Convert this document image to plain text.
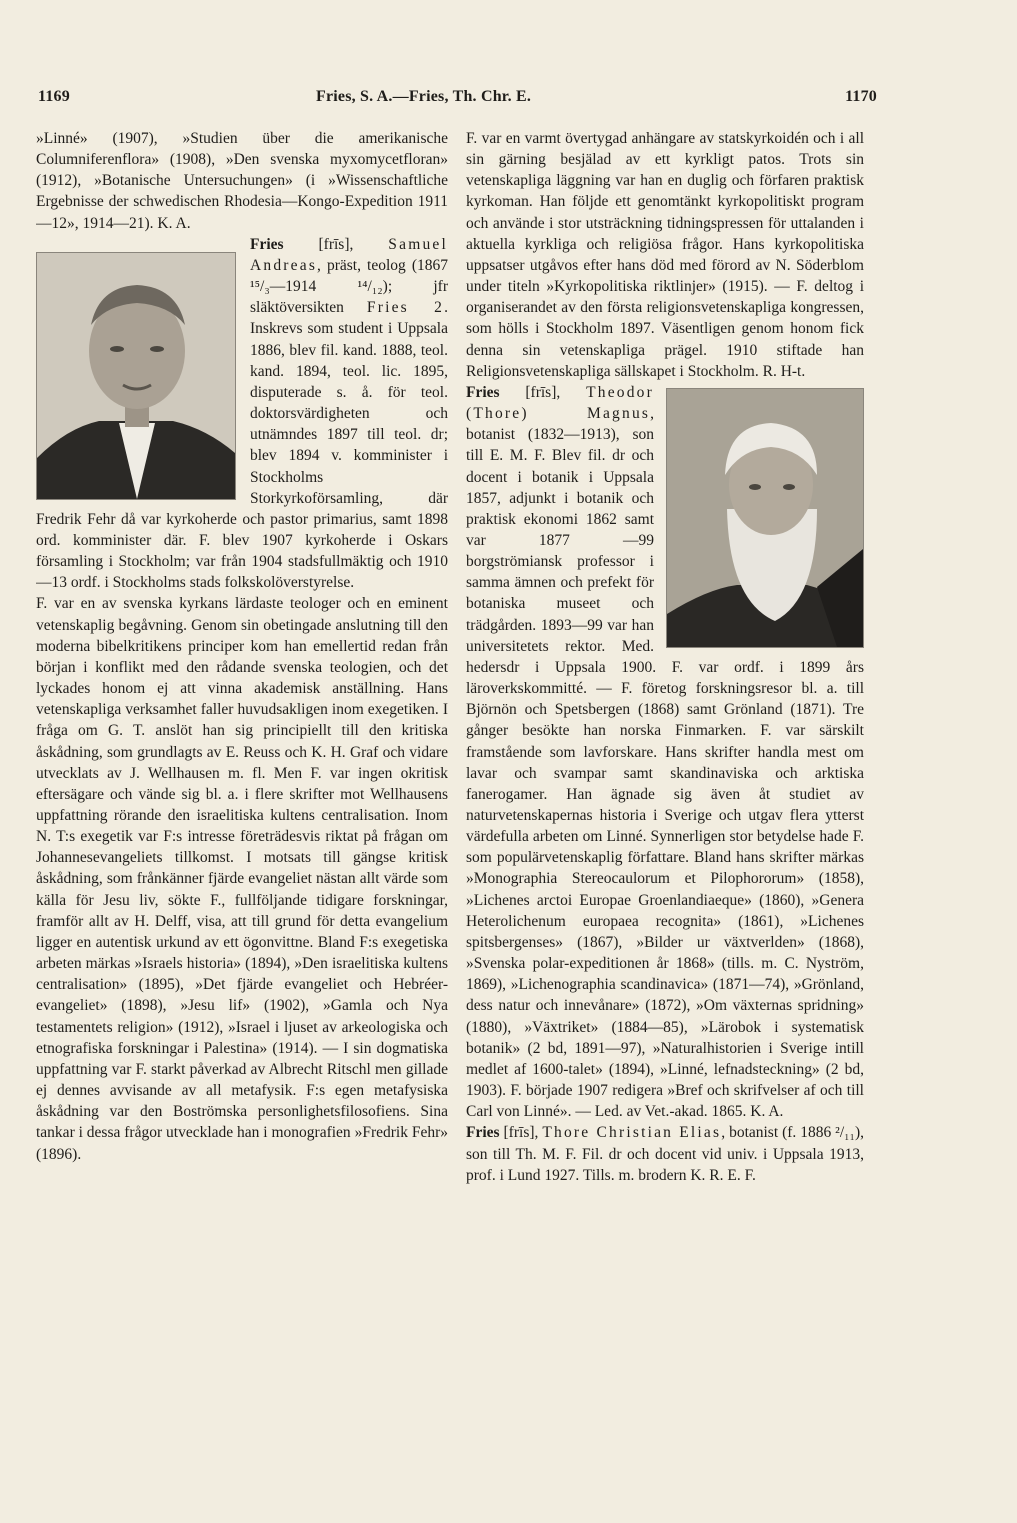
1169	Fries, S. A.—Fries, Th. Chr. E.	1170

»Linné» (1907), »Studien über die amerikanische Columniferenflora» (1908), »Den svenska myxomycetfloran» (1912), »Botanische Untersuchungen» (i »Wissenschaftliche Ergebnisse der schwedischen Rhodesia—Kongo-Expedition 1911—12», 1914—21). K. A.

Fries [frīs], Samuel Andreas, präst, teolog (1867 ¹⁵/₃—1914 ¹⁴/₁₂); jfr släktöversikten Fries 2. Inskrevs som student i Uppsala 1886, blev fil. kand. 1888, teol. kand. 1894, teol. lic. 1895, disputerade s. å. för teol. doktorsvärdigheten och utnämndes 1897 till teol. dr; blev 1894 v. komminister i Stockholms Storkyrkoförsamling, där Fredrik Fehr då var kyrkoherde och pastor primarius, samt 1898 ord. komminister där. F. blev 1907 kyrkoherde i Oskars församling i Stockholm; var från 1904 stadsfullmäktig och 1910—13 ordf. i Stockholms stads folkskolöverstyrelse.

F. var en av svenska kyrkans lärdaste teologer och en eminent vetenskaplig begåvning. Genom sin obetingade anslutning till den moderna bibelkritikens principer kom han emellertid redan från början i konflikt med den rådande svenska teologien, och det lyckades honom ej att vinna akademisk anställning. Hans vetenskapliga verksamhet faller huvudsakligen inom exegetiken. I fråga om G. T. anslöt han sig principiellt till den kritiska åskådning, som grundlagts av E. Reuss och K. H. Graf och vidare utvecklats av J. Wellhausen m. fl. Men F. var ingen okritisk eftersägare och vände sig bl. a. i flere skrifter mot Wellhausens uppfattning rörande den israelitiska kultens centralisation. Inom N. T:s exegetik var F:s intresse företrädesvis riktat på frågan om Johannesevangeliets tillkomst. I motsats till gängse kritisk åskådning, som frånkänner fjärde evangeliet nästan allt värde som källa för Jesu liv, sökte F., fullföljande tidigare forskningar, framför allt av H. Delff, visa, att till grund för detta evangelium ligger en autentisk urkund av ett ögonvittne. Bland F:s exegetiska arbeten märkas »Israels historia» (1894), »Den israelitiska kultens centralisation» (1895), »Det fjärde evangeliet och Hebréer-evangeliet» (1898), »Jesu lif» (1902), »Gamla och Nya testamentets religion» (1912), »Israel i ljuset av arkeologiska och etnografiska forskningar i Palestina» (1914). — I sin dogmatiska uppfattning var F. starkt påverkad av Albrecht Ritschl men gillade ej dennes avvisande av all metafysik. F:s egen metafysiska åskådning var den Boströmska personlighetsfilosofiens. Sina tankar i dessa frågor utvecklade han i monografien »Fredrik Fehr» (1896).

F. var en varmt övertygad anhängare av statskyrkoidén och i all sin gärning besjälad av ett kyrkligt patos. Trots sin vetenskapliga läggning var han en duglig och förfaren praktisk kyrkoman. Han följde ett genomtänkt kyrkopolitiskt program och använde i stor utsträckning tidningspressen för uttalanden i aktuella kyrkliga och religiösa frågor. Hans kyrkopolitiska uppsatser utgåvos efter hans död med förord av N. Söderblom under titeln »Kyrkopolitiska riktlinjer» (1915). — F. deltog i organiserandet av den första religionsvetenskapliga kongressen, som hölls i Stockholm 1897. Väsentligen genom honom fick denna sin vetenskapliga prägel. 1910 stiftade han Religionsvetenskapliga sällskapet i Stockholm. R. H-t.

Fries [frīs], Theodor (Thore) Magnus, botanist (1832—1913), son till E. M. F. Blev fil. dr och docent i botanik i Uppsala 1857, adjunkt i botanik och praktisk ekonomi 1862 samt var 1877 —99 borgströmiansk professor i samma ämnen och prefekt för botaniska museet och trädgården. 1893—99 var han universitetets rektor. Med. hedersdr i Uppsala 1900. F. var ordf. i 1899 års läroverkskommitté. — F. företog forskningsresor bl. a. till Björnön och Spetsbergen (1868) samt Grönland (1871). Tre gånger besökte han norska Finmarken. F. var särskilt framstående som lavforskare. Hans skrifter handla mest om lavar och svampar samt skandinaviska och arktiska fanerogamer. Han ägnade sig även åt studiet av naturvetenskapernas historia i Sverige och utgav flera ytterst värdefulla arbeten om Linné. Synnerligen stor betydelse hade F. som populärvetenskaplig författare. Bland hans skrifter märkas »Monographia Stereocaulorum et Pilophororum» (1858), »Lichenes arctoi Europae Groenlandiaeque» (1860), »Genera Heterolichenum europaea recognita» (1861), »Lichenes spitsbergenses» (1867), »Bilder ur växtverlden» (1868), »Svenska polar-expeditionen år 1868» (tills. m. C. Nyström, 1869), »Lichenographia scandinavica» (1871—74), »Grönland, dess natur och innevånare» (1872), »Om växternas spridning» (1880), »Växtriket» (1884—85), »Lärobok i systematisk botanik» (2 bd, 1891—97), »Naturalhistorien i Sverige intill medlet af 1600-talet» (1894), »Linné, lefnadsteckning» (2 bd, 1903). F. började 1907 redigera »Bref och skrifvelser af och till Carl von Linné». — Led. av Vet.-akad. 1865. K. A.

Fries [frīs], Thore Christian Elias, botanist (f. 1886 ²/₁₁), son till Th. M. F. Fil. dr och docent vid univ. i Uppsala 1913, prof. i Lund 1927. Tills. m. brodern K. R. E. F.
